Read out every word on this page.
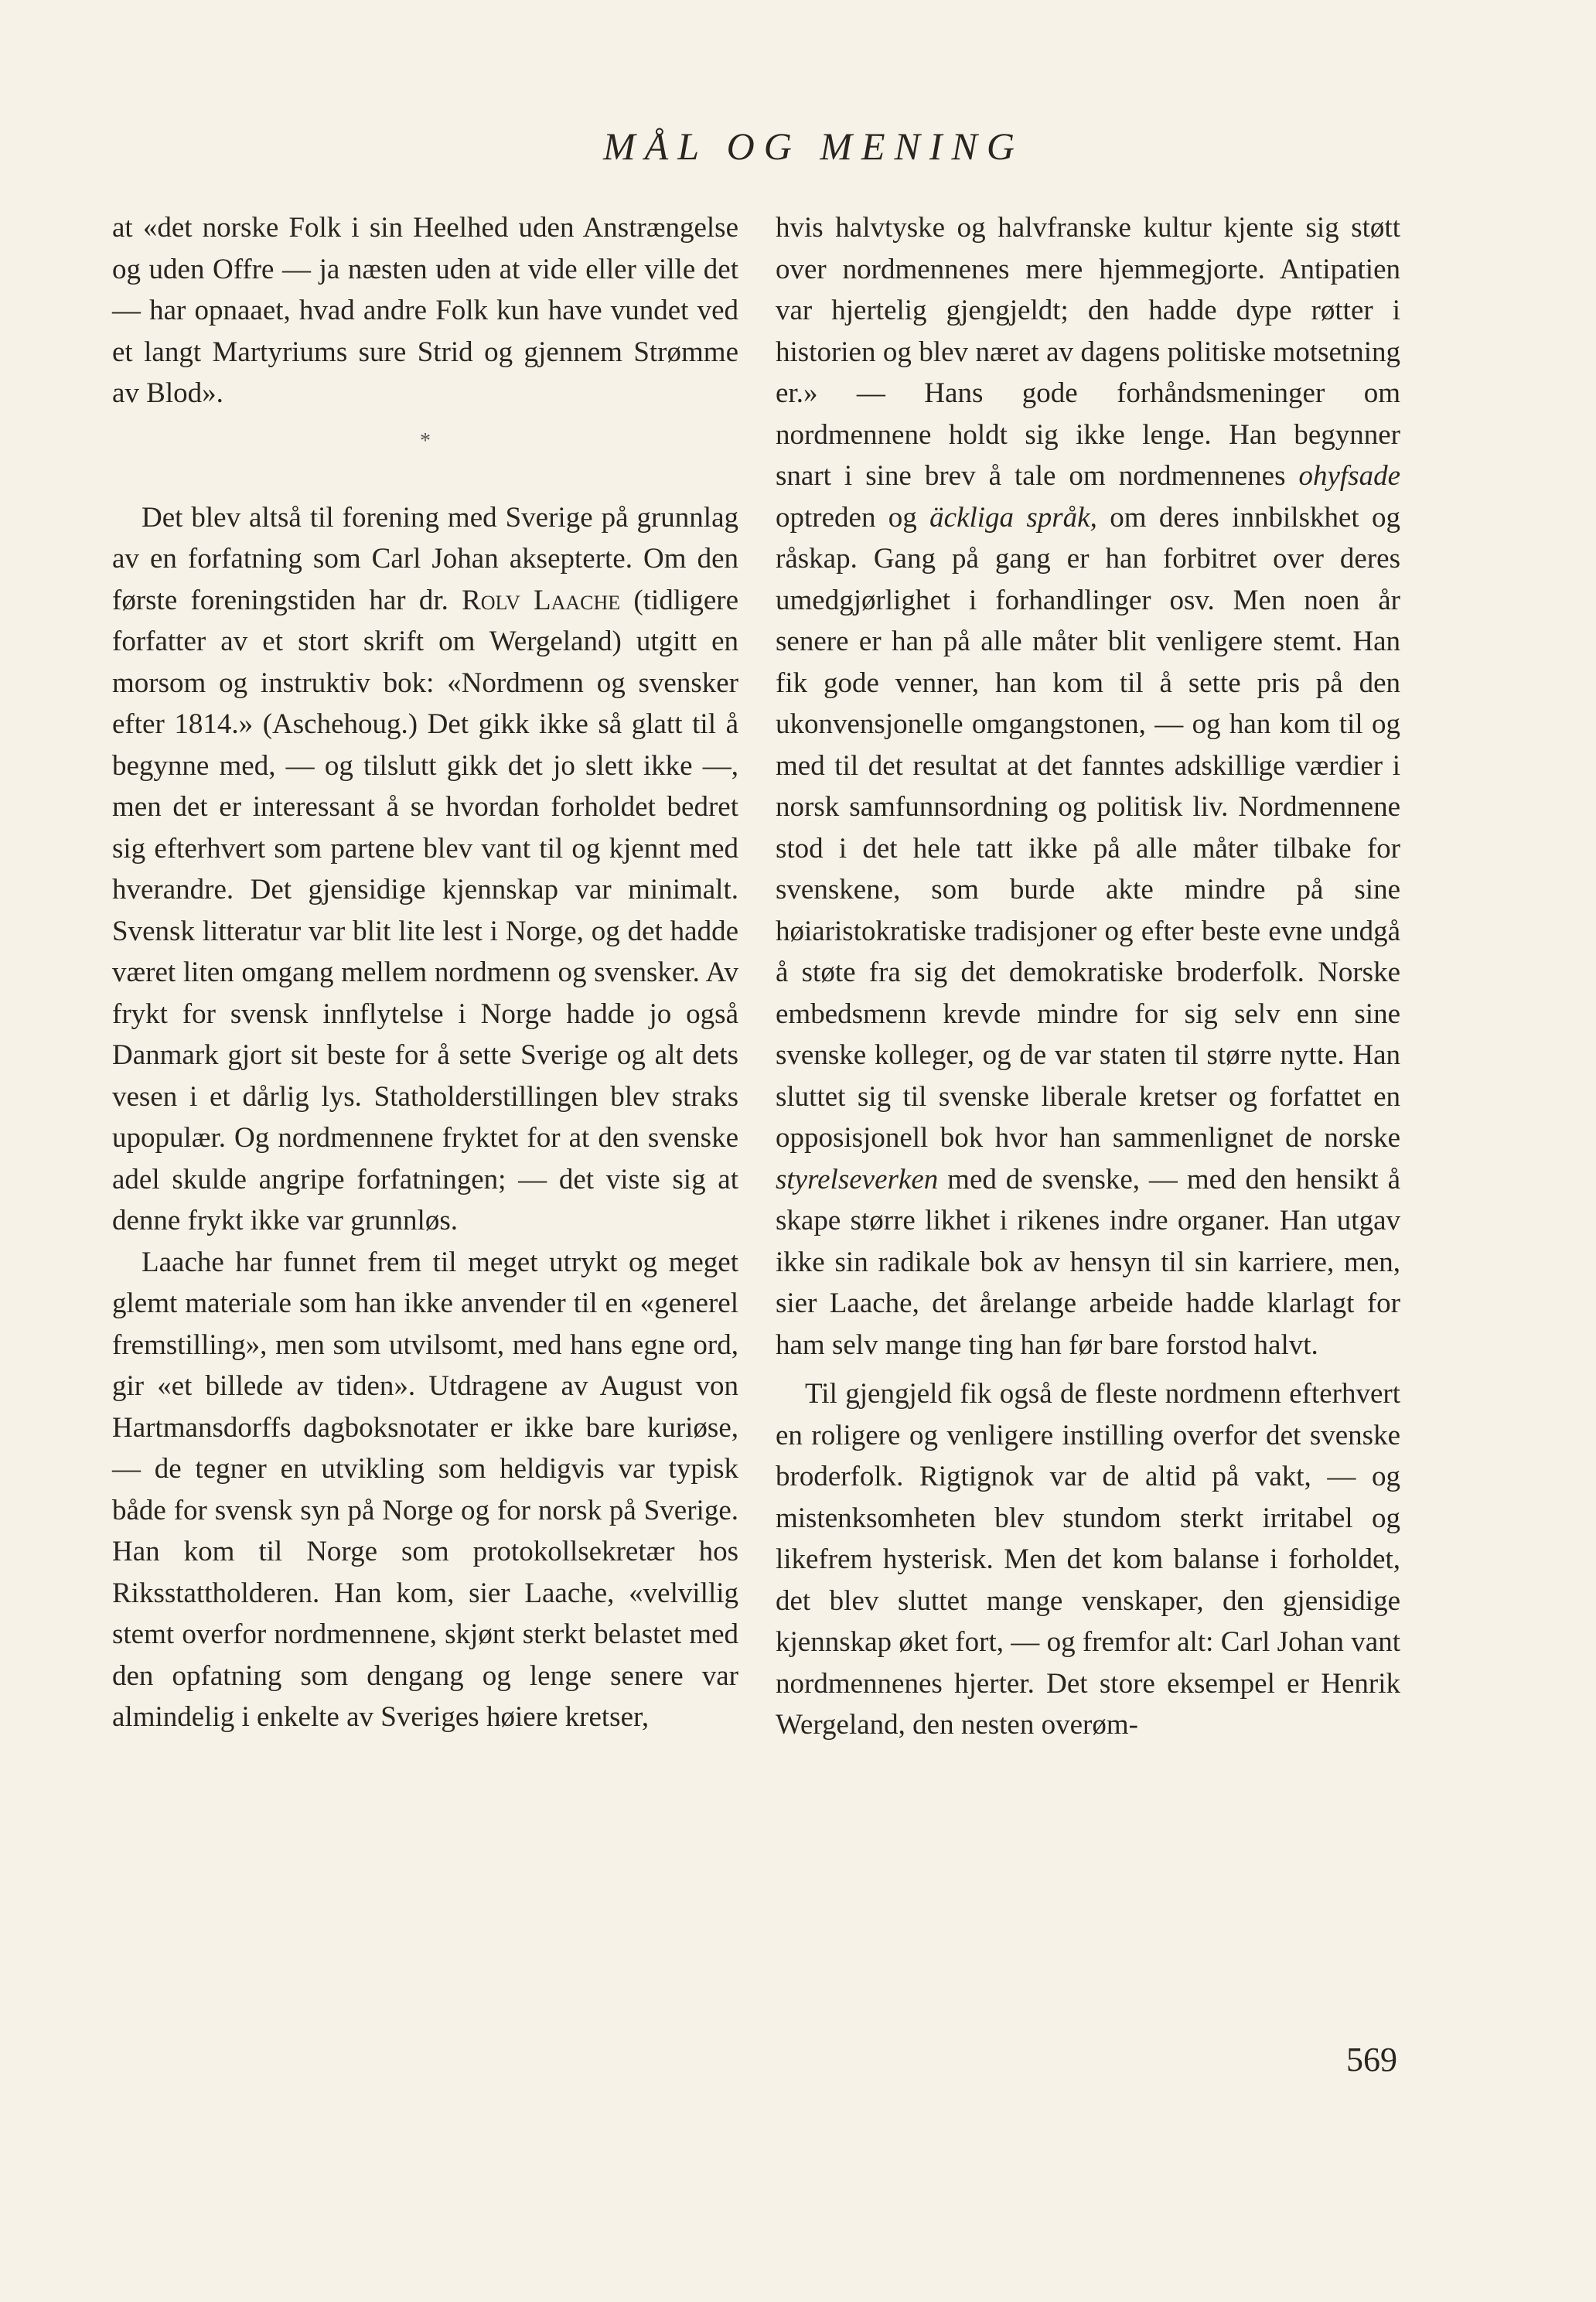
MÅL OG MENING

at «det norske Folk i sin Heelhed uden Anstrængelse og uden Offre — ja næsten uden at vide eller ville det — har opnaaet, hvad andre Folk kun have vundet ved et langt Martyriums sure Strid og gjennem Strømme av Blod».

*

Det blev altså til forening med Sverige på grunnlag av en forfatning som Carl Johan aksepterte. Om den første foreningstiden har dr. Rolv Laache (tidligere forfatter av et stort skrift om Wergeland) utgitt en morsom og instruktiv bok: «Nordmenn og svensker efter 1814.» (Aschehoug.) Det gikk ikke så glatt til å begynne med, — og tilslutt gikk det jo slett ikke —, men det er interessant å se hvordan forholdet bedret sig efterhvert som partene blev vant til og kjennt med hverandre. Det gjensidige kjennskap var minimalt. Svensk litteratur var blit lite lest i Norge, og det hadde været liten omgang mellem nordmenn og svensker. Av frykt for svensk innflytelse i Norge hadde jo også Danmark gjort sit beste for å sette Sverige og alt dets vesen i et dårlig lys. Statholderstillingen blev straks upopulær. Og nordmennene fryktet for at den svenske adel skulde angripe forfatningen; — det viste sig at denne frykt ikke var grunnløs.

Laache har funnet frem til meget utrykt og meget glemt materiale som han ikke anvender til en «generel fremstilling», men som utvilsomt, med hans egne ord, gir «et billede av tiden». Utdragene av August von Hartmansdorffs dagboksnotater er ikke bare kuriøse, — de tegner en utvikling som heldigvis var typisk både for svensk syn på Norge og for norsk på Sverige. Han kom til Norge som protokollsekretær hos Riksstattholderen. Han kom, sier Laache, «velvillig stemt overfor nordmennene, skjønt sterkt belastet med den opfatning som dengang og lenge senere var almindelig i enkelte av Sveriges høiere kretser,

hvis halvtyske og halvfranske kultur kjente sig støtt over nordmennenes mere hjemmegjorte. Antipatien var hjertelig gjengjeldt; den hadde dype røtter i historien og blev næret av dagens politiske motsetning er.» — Hans gode forhåndsmeninger om nordmennene holdt sig ikke lenge. Han begynner snart i sine brev å tale om nordmennenes ohyfsade optreden og äckliga språk, om deres innbilskhet og råskap. Gang på gang er han forbitret over deres umedgjørlighet i forhandlinger osv. Men noen år senere er han på alle måter blit venligere stemt. Han fik gode venner, han kom til å sette pris på den ukonvensjonelle omgangstonen, — og han kom til og med til det resultat at det fanntes adskillige værdier i norsk samfunnsordning og politisk liv. Nordmennene stod i det hele tatt ikke på alle måter tilbake for svenskene, som burde akte mindre på sine høiaristokratiske tradisjoner og efter beste evne undgå å støte fra sig det demokratiske broderfolk. Norske embedsmenn krevde mindre for sig selv enn sine svenske kolleger, og de var staten til større nytte. Han sluttet sig til svenske liberale kretser og forfattet en opposisjonell bok hvor han sammenlignet de norske styrelseverken med de svenske, — med den hensikt å skape større likhet i rikenes indre organer. Han utgav ikke sin radikale bok av hensyn til sin karriere, men, sier Laache, det årelange arbeide hadde klarlagt for ham selv mange ting han før bare forstod halvt.

Til gjengjeld fik også de fleste nordmenn efterhvert en roligere og venligere instilling overfor det svenske broderfolk. Rigtignok var de altid på vakt, — og mistenksomheten blev stundom sterkt irritabel og likefrem hysterisk. Men det kom balanse i forholdet, det blev sluttet mange venskaper, den gjensidige kjennskap øket fort, — og fremfor alt: Carl Johan vant nordmennenes hjerter. Det store eksempel er Henrik Wergeland, den nesten overøm-

569
